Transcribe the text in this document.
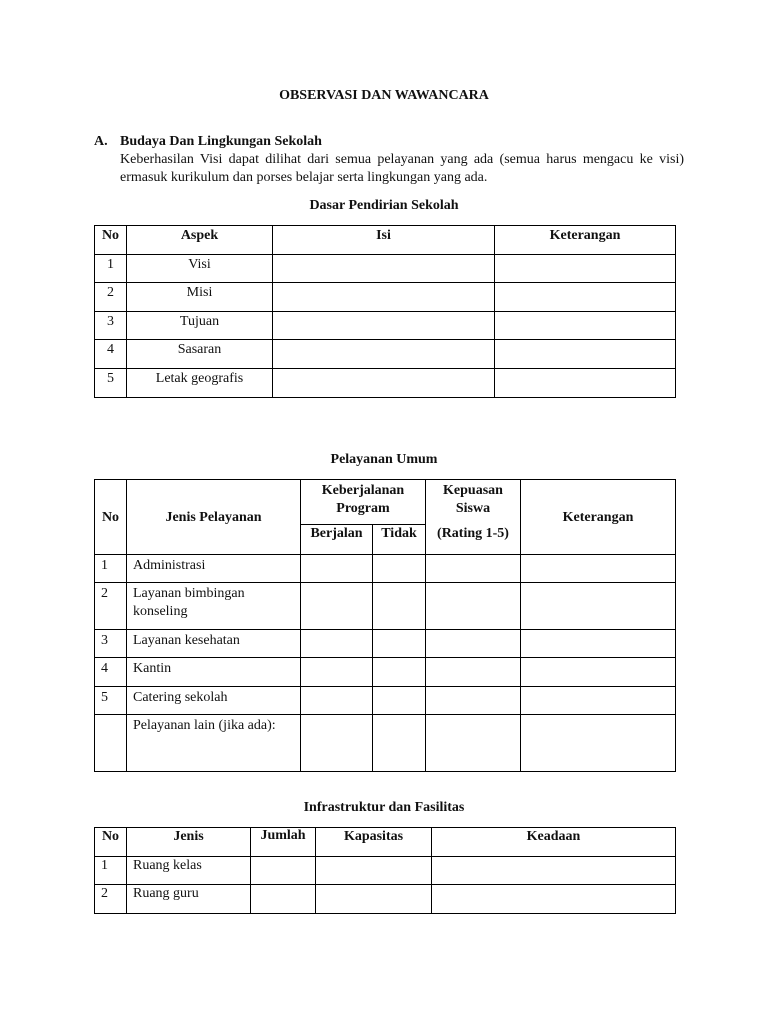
OBSERVASI DAN WAWANCARA
A. Budaya Dan Lingkungan Sekolah
Keberhasilan Visi dapat dilihat dari semua pelayanan yang ada (semua harus mengacu ke visi) ermasuk kurikulum dan porses belajar serta lingkungan yang ada.
Dasar Pendirian Sekolah
No	Aspek	Isi	Keterangan
1	Visi		
2	Misi		
3	Tujuan		
4	Sasaran		
5	Letak geografis		
Pelayanan Umum
No	Jenis Pelayanan	Keberjalanan Program		Kepuasan Siswa	Keterangan
		Berjalan	Tidak	(Rating 1-5)	
1	Administrasi				
2	Layanan bimbingan konseling				
3	Layanan kesehatan				
4	Kantin				
5	Catering sekolah				
	Pelayanan lain (jika ada):				
Infrastruktur dan Fasilitas
No	Jenis	Jumlah	Kapasitas	Keadaan
1	Ruang kelas			
2	Ruang guru			
